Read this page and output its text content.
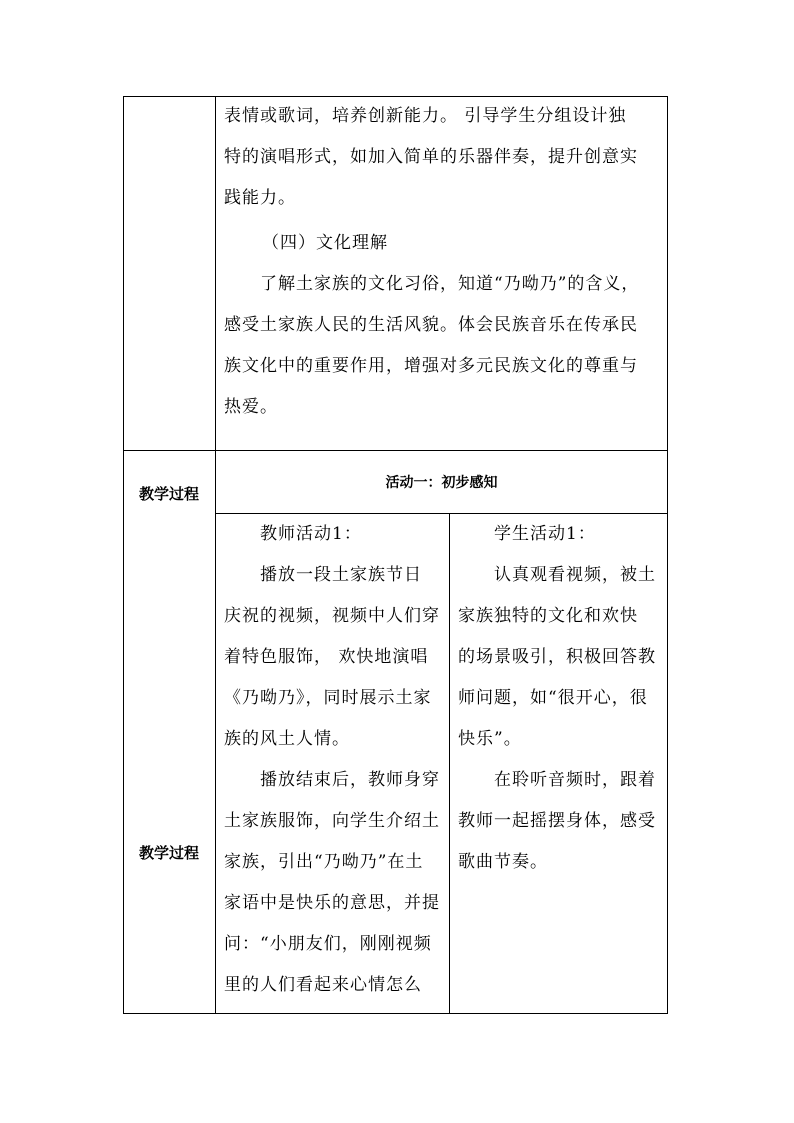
表情或歌词，培养创新能力。 引导学生分组设计独
特的演唱形式，如加入简单的乐器伴奏，提升创意实
践能力。
（四）文化理解
了解土家族的文化习俗，知道“乃呦乃”的含义，
感受土家族人民的生活风貌。体会民族音乐在传承民
族文化中的重要作用，增强对多元民族文化的尊重与
热爱。
教学过程
教学过程
活动一：初步感知
教师活动1：
播放一段土家族节日
庆祝的视频，视频中人们穿
着特色服饰， 欢快地演唱
《乃呦乃》，同时展示土家
族的风土人情。
播放结束后，教师身穿
土家族服饰，向学生介绍土
家族，引出“乃呦乃”在土
家语中是快乐的意思，并提
问：“小朋友们，刚刚视频
里的人们看起来心情怎么
学生活动1：
认真观看视频，被土
家族独特的文化和欢快
的场景吸引，积极回答教
师问题，如“很开心，很
快乐”。
在聆听音频时，跟着
教师一起摇摆身体，感受
歌曲节奏。
